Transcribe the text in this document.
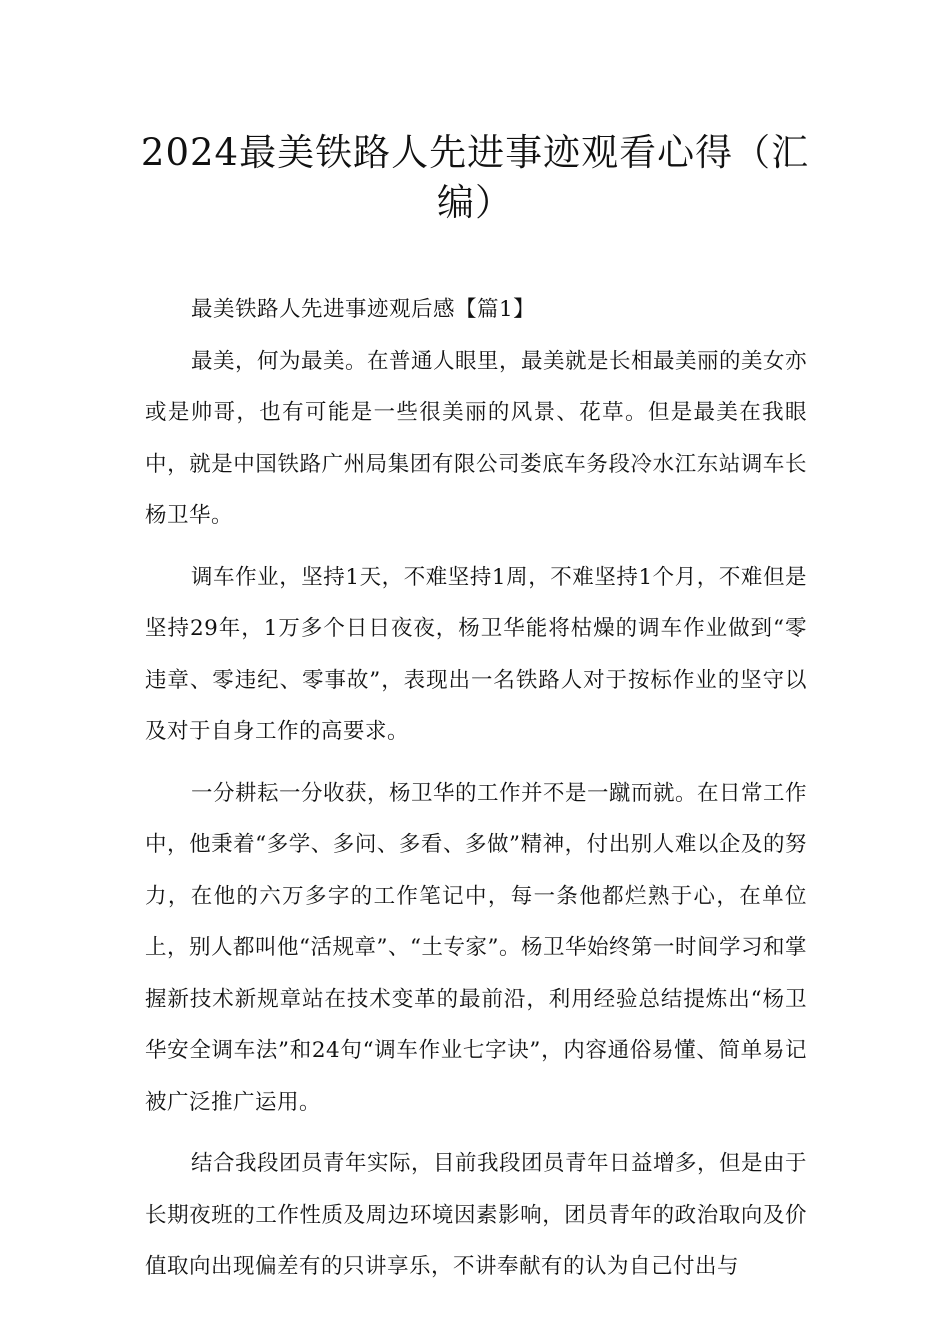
2024最美铁路人先进事迹观看心得（汇编）

最美铁路人先进事迹观后感【篇1】

最美，何为最美。在普通人眼里，最美就是长相最美丽的美女亦或是帅哥，也有可能是一些很美丽的风景、花草。但是最美在我眼中，就是中国铁路广州局集团有限公司娄底车务段冷水江东站调车长杨卫华。

调车作业，坚持1天，不难坚持1周，不难坚持1个月，不难但是坚持29年，1万多个日日夜夜，杨卫华能将枯燥的调车作业做到“零违章、零违纪、零事故”，表现出一名铁路人对于按标作业的坚守以及对于自身工作的高要求。

一分耕耘一分收获，杨卫华的工作并不是一蹴而就。在日常工作中，他秉着“多学、多问、多看、多做”精神，付出别人难以企及的努力，在他的六万多字的工作笔记中，每一条他都烂熟于心，在单位上，别人都叫他“活规章”、“土专家”。杨卫华始终第一时间学习和掌握新技术新规章站在技术变革的最前沿，利用经验总结提炼出“杨卫华安全调车法”和24句“调车作业七字诀”，内容通俗易懂、简单易记被广泛推广运用。

结合我段团员青年实际，目前我段团员青年日益增多，但是由于长期夜班的工作性质及周边环境因素影响，团员青年的政治取向及价值取向出现偏差有的只讲享乐，不讲奉献有的认为自己付出与
